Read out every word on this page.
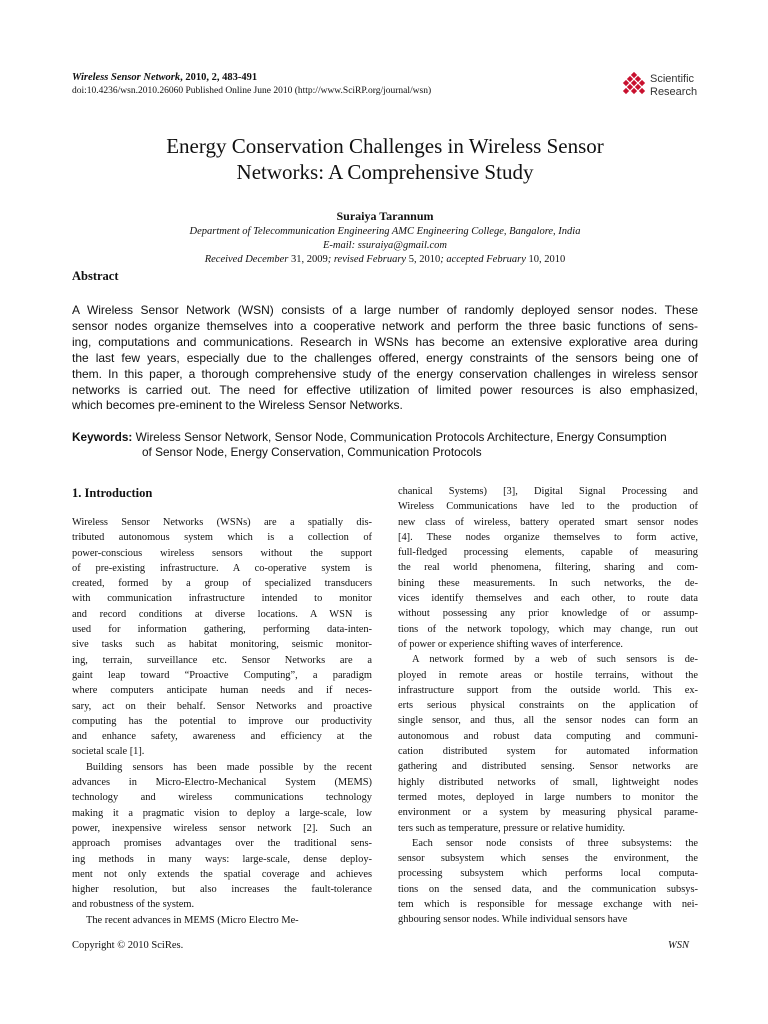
Wireless Sensor Network, 2010, 2, 483-491
doi:10.4236/wsn.2010.26060 Published Online June 2010 (http://www.SciRP.org/journal/wsn)
Scientific
Research
Energy Conservation Challenges in Wireless Sensor
Networks: A Comprehensive Study
Suraiya Tarannum
Department of Telecommunication Engineering AMC Engineering College, Bangalore, India
E-mail: ssuraiya@gmail.com
Received December 31, 2009; revised February 5, 2010; accepted February 10, 2010
Abstract
A Wireless Sensor Network (WSN) consists of a large number of randomly deployed sensor nodes. These
sensor nodes organize themselves into a cooperative network and perform the three basic functions of sens-
ing, computations and communications. Research in WSNs has become an extensive explorative area during
the last few years, especially due to the challenges offered, energy constraints of the sensors being one of
them. In this paper, a thorough comprehensive study of the energy conservation challenges in wireless sensor
networks is carried out. The need for effective utilization of limited power resources is also emphasized,
which becomes pre-eminent to the Wireless Sensor Networks.
Keywords: Wireless Sensor Network, Sensor Node, Communication Protocols Architecture, Energy Consumption
of Sensor Node, Energy Conservation, Communication Protocols
1. Introduction
Wireless Sensor Networks (WSNs) are a spatially dis-
tributed autonomous system which is a collection of
power-conscious wireless sensors without the support
of pre-existing infrastructure. A co-operative system is
created, formed by a group of specialized transducers
with communication infrastructure intended to monitor
and record conditions at diverse locations. A WSN is
used for information gathering, performing data-inten-
sive tasks such as habitat monitoring, seismic monitor-
ing, terrain, surveillance etc. Sensor Networks are a
gaint leap toward “Proactive Computing”, a paradigm
where computers anticipate human needs and if neces-
sary, act on their behalf. Sensor Networks and proactive
computing has the potential to improve our productivity
and enhance safety, awareness and efficiency at the
societal scale [1].
Building sensors has been made possible by the recent
advances in Micro-Electro-Mechanical System (MEMS)
technology and wireless communications technology
making it a pragmatic vision to deploy a large-scale, low
power, inexpensive wireless sensor network [2]. Such an
approach promises advantages over the traditional sens-
ing methods in many ways: large-scale, dense deploy-
ment not only extends the spatial coverage and achieves
higher resolution, but also increases the fault-tolerance
and robustness of the system.
The recent advances in MEMS (Micro Electro Me-
chanical Systems) [3], Digital Signal Processing and
Wireless Communications have led to the production of
new class of wireless, battery operated smart sensor nodes
[4]. These nodes organize themselves to form active,
full-fledged processing elements, capable of measuring
the real world phenomena, filtering, sharing and com-
bining these measurements. In such networks, the de-
vices identify themselves and each other, to route data
without possessing any prior knowledge of or assump-
tions of the network topology, which may change, run out
of power or experience shifting waves of interference.
A network formed by a web of such sensors is de-
ployed in remote areas or hostile terrains, without the
infrastructure support from the outside world. This ex-
erts serious physical constraints on the application of
single sensor, and thus, all the sensor nodes can form an
autonomous and robust data computing and communi-
cation distributed system for automated information
gathering and distributed sensing. Sensor networks are
highly distributed networks of small, lightweight nodes
termed motes, deployed in large numbers to monitor the
environment or a system by measuring physical parame-
ters such as temperature, pressure or relative humidity.
Each sensor node consists of three subsystems: the
sensor subsystem which senses the environment, the
processing subsystem which performs local computa-
tions on the sensed data, and the communication subsys-
tem which is responsible for message exchange with nei-
ghbouring sensor nodes. While individual sensors have
Copyright © 2010 SciRes.	WSN
